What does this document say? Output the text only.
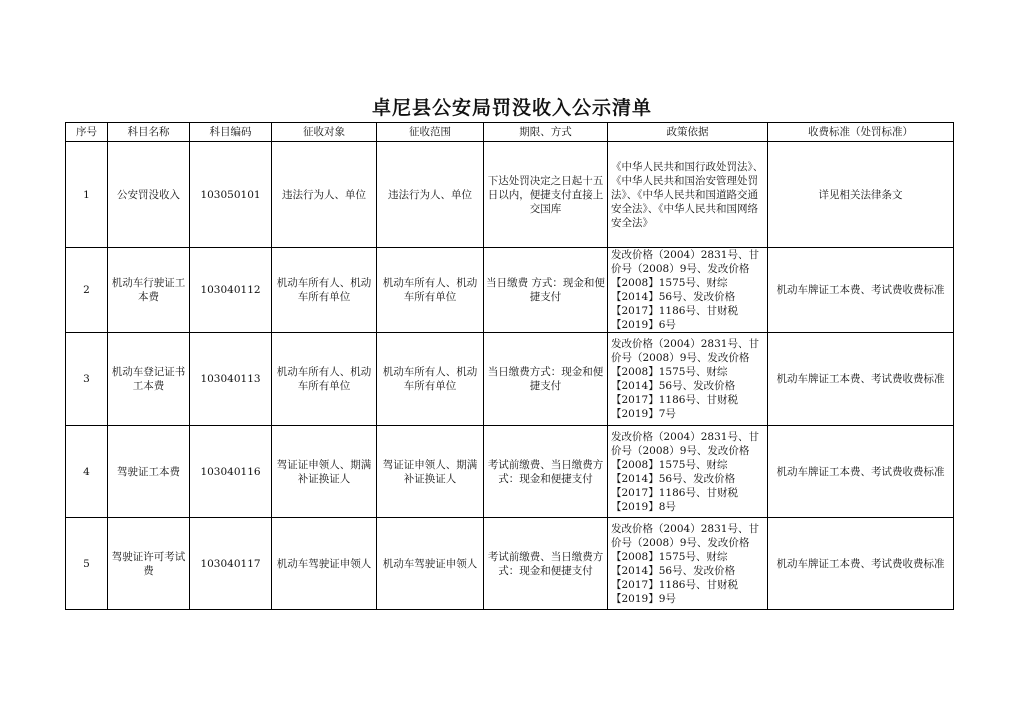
卓尼县公安局罚没收入公示清单
序号	科目名称	科目编码	征收对象	征收范围	期限、方式	政策依据	收费标准（处罚标准）
1	公安罚没收入	103050101	违法行为人、单位	违法行为人、单位	下达处罚决定之日起十五日以内，便捷支付直接上交国库	《中华人民共和国行政处罚法》、《中华人民共和国治安管理处罚法》、《中华人民共和国道路交通安全法》、《中华人民共和国网络安全法》	详见相关法律条文
2	机动车行驶证工本费	103040112	机动车所有人、机动车所有单位	机动车所有人、机动车所有单位	当日缴费 方式：现金和便捷支付	发改价格（2004）2831号、甘价号（2008）9号、发改价格【2008】1575号、财综【2014】56号、发改价格【2017】1186号、甘财税【2019】6号	机动车牌证工本费、考试费收费标准
3	机动车登记证书工本费	103040113	机动车所有人、机动车所有单位	机动车所有人、机动车所有单位	当日缴费方式：现金和便捷支付	发改价格（2004）2831号、甘价号（2008）9号、发改价格【2008】1575号、财综【2014】56号、发改价格【2017】1186号、甘财税【2019】7号	机动车牌证工本费、考试费收费标准
4	驾驶证工本费	103040116	驾证证申领人、期满补证换证人	驾证证申领人、期满补证换证人	考试前缴费、当日缴费方式：现金和便捷支付	发改价格（2004）2831号、甘价号（2008）9号、发改价格【2008】1575号、财综【2014】56号、发改价格【2017】1186号、甘财税【2019】8号	机动车牌证工本费、考试费收费标准
5	驾驶证许可考试费	103040117	机动车驾驶证申领人	机动车驾驶证申领人	考试前缴费、当日缴费方式：现金和便捷支付	发改价格（2004）2831号、甘价号（2008）9号、发改价格【2008】1575号、财综【2014】56号、发改价格【2017】1186号、甘财税【2019】9号	机动车牌证工本费、考试费收费标准
